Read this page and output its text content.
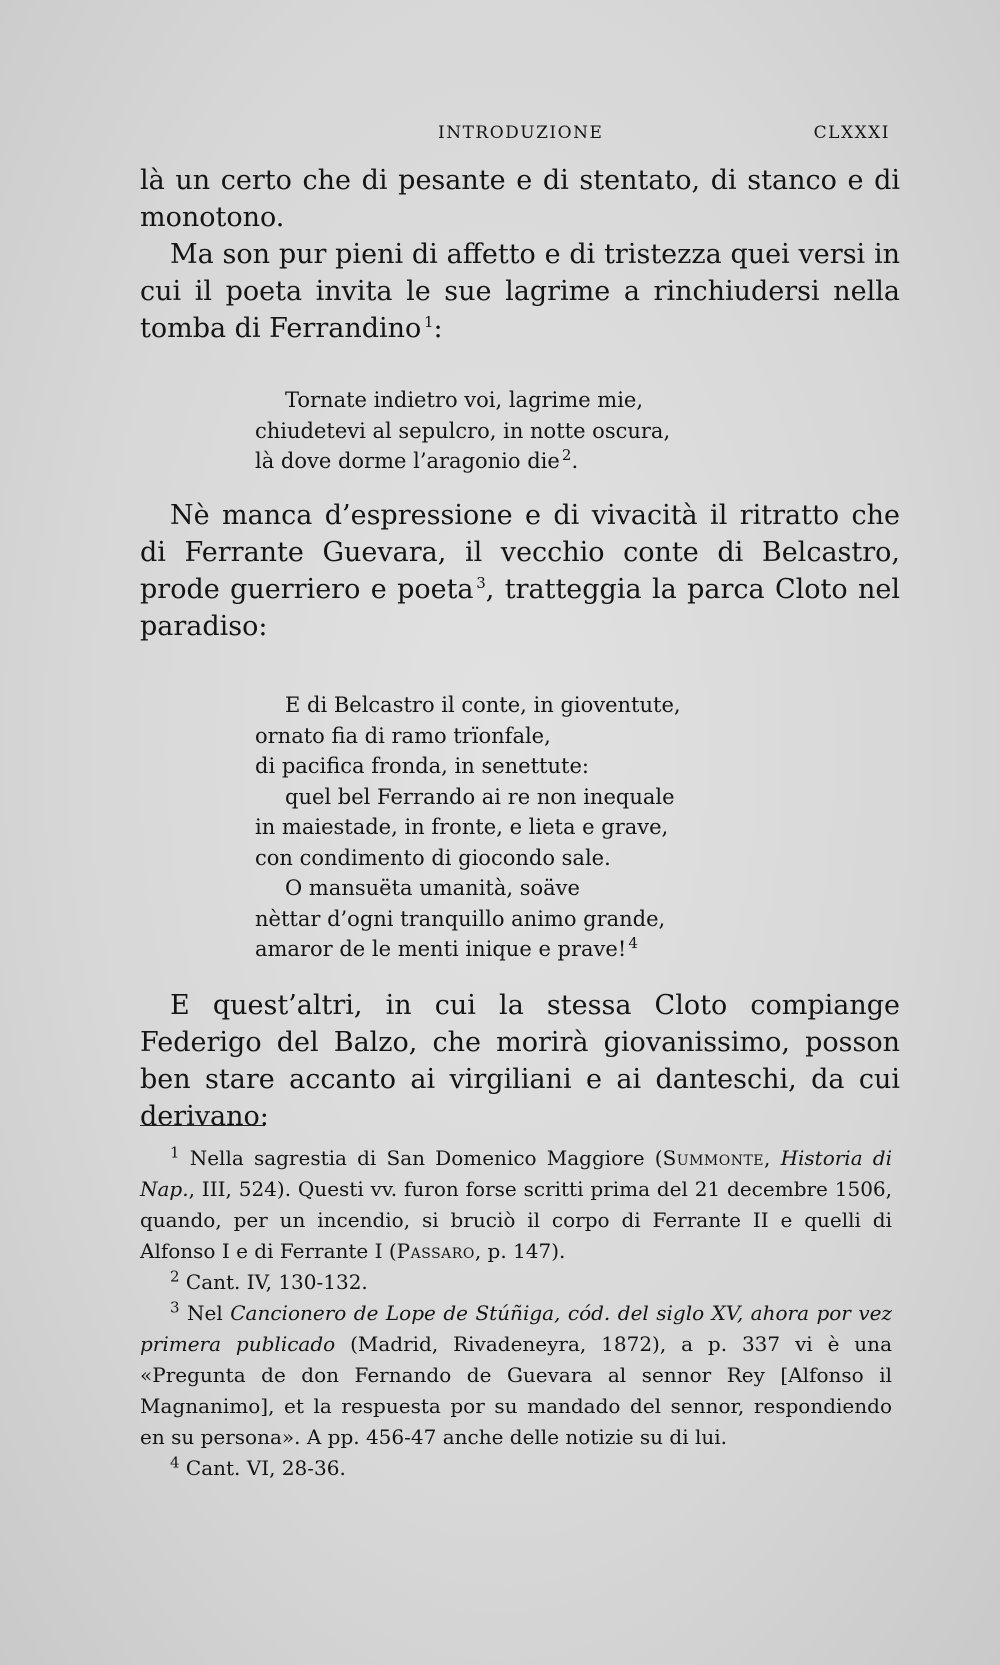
INTRODUZIONE	CLXXXI
là un certo che di pesante e di stentato, di stanco e di monotono.
Ma son pur pieni di affetto e di tristezza quei versi in cui il poeta invita le sue lagrime a rinchiudersi nella tomba di Ferrandino  $^1$:
Tornate indietro voi, lagrime mie,
chiudetevi al sepulcro, in notte oscura,
là dove dorme l’aragonio die  $^2$.
Nè manca d’espressione e di vivacità il ritratto che di Ferrante Guevara, il vecchio conte di Belcastro, prode guerriero e poeta  $^3$, tratteggia la parca Cloto nel paradiso:
E di Belcastro il conte, in gioventute,
ornato fia di ramo trïonfale,
di pacifica fronda, in senettute:
quel bel Ferrando ai re non inequale
in maiestade, in fronte, e lieta e grave,
con condimento di giocondo sale.
O mansuëta umanità, soäve
nèttar d’ogni tranquillo animo grande,
amaror de le menti inique e prave!  $^4$
E quest’altri, in cui la stessa Cloto compiange Federigo del Balzo, che morirà giovanissimo, posson ben stare accanto ai virgiliani e ai danteschi, da cui derivano:
$^1$ Nella sagrestia di San Domenico Maggiore (Summonte, Historia di Nap., III, 524). Questi vv. furon forse scritti prima del 21 decembre 1506, quando, per un incendio, si bruciò il corpo di Ferrante II e quelli di Alfonso I e di Ferrante I (Passaro, p. 147).
$^2$ Cant. IV, 130-132.
$^3$ Nel Cancionero de Lope de Stúñiga, cód. del siglo XV, ahora por vez primera publicado (Madrid, Rivadeneyra, 1872), a p. 337 vi è una «Pregunta de don Fernando de Guevara al sennor Rey [Alfonso il Magnanimo], et la respuesta por su mandado del sennor, respondiendo en su persona». A pp. 456-47 anche delle notizie su di lui.
$^4$ Cant. VI, 28-36.
